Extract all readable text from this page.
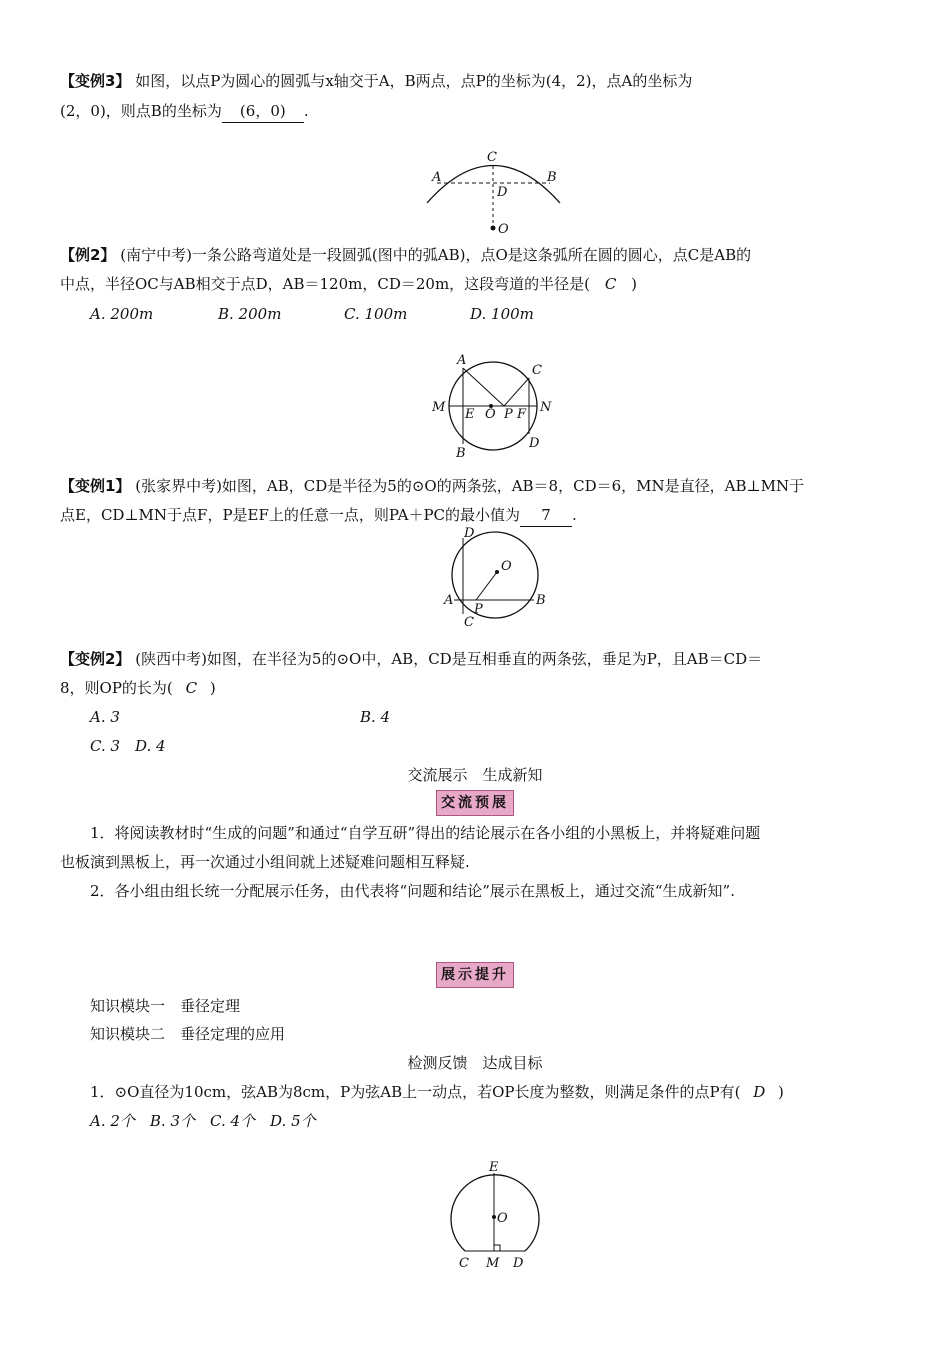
【变例3】 如图，以点P为圆心的圆弧与x轴交于A，B两点，点P的坐标为(4，2)，点A的坐标为
(2，0)，则点B的坐标为 (6，0) .
C
A	B
D
O
【例2】 (南宁中考)一条公路弯道处是一段圆弧(图中的弧AB)，点O是这条弧所在圆的圆心，点C是AB的
中点，半径OC与AB相交于点D，AB＝120m，CD＝20m，这段弯道的半径是( C )
A. 200m	B. 200m	C. 100m	D. 100m
A
C
M E O P F N
B
D
【变例1】 (张家界中考)如图，AB，CD是半径为5的⊙O的两条弦，AB＝8，CD＝6，MN是直径，AB⊥MN于
点E，CD⊥MN于点F，P是EF上的任意一点，则PA＋PC的最小值为 7 .
D
O
A
P
B
C
【变例2】 (陕西中考)如图，在半径为5的⊙O中，AB，CD是互相垂直的两条弦，垂足为P，且AB＝CD＝
8，则OP的长为( C )
A. 3	B. 4
C. 3　D. 4
交流展示　生成新知
交流预展
1．将阅读教材时“生成的问题”和通过“自学互研”得出的结论展示在各小组的小黑板上，并将疑难问题
也板演到黑板上，再一次通过小组间就上述疑难问题相互释疑.
2．各小组由组长统一分配展示任务，由代表将“问题和结论”展示在黑板上，通过交流“生成新知”.
展示提升
知识模块一　垂径定理
知识模块二　垂径定理的应用
检测反馈　达成目标
1．⊙O直径为10cm，弦AB为8cm，P为弦AB上一动点，若OP长度为整数，则满足条件的点P有( D )
A. 2个　B. 3个　C. 4个　D. 5个
E
O
C M D
